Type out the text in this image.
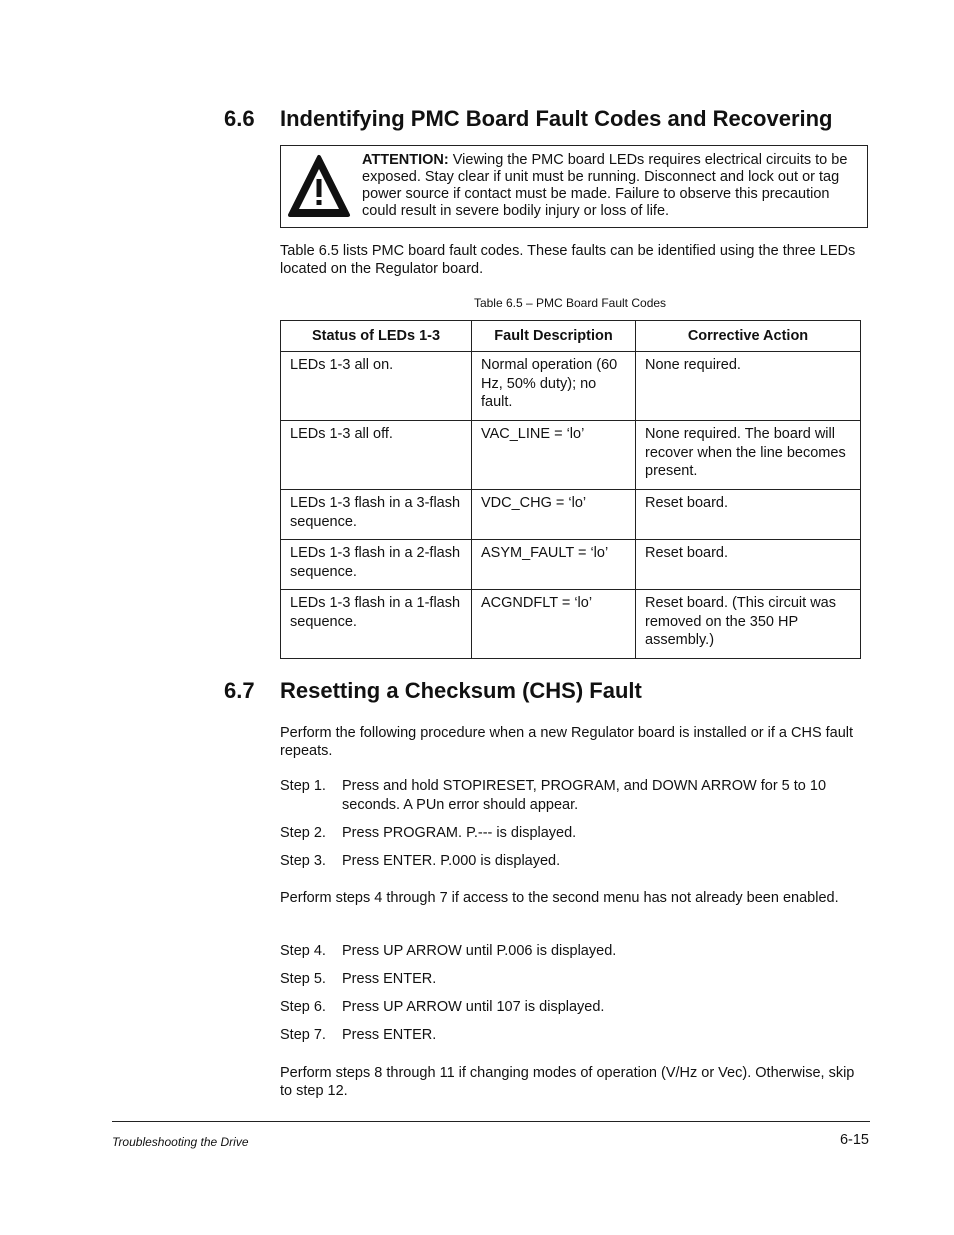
6.6 Indentifying PMC Board Fault Codes and Recovering
ATTENTION: Viewing the PMC board LEDs requires electrical circuits to be exposed. Stay clear if unit must be running. Disconnect and lock out or tag power source if contact must be made. Failure to observe this precaution could result in severe bodily injury or loss of life.
Table 6.5 lists PMC board fault codes. These faults can be identified using the three LEDs located on the Regulator board.
Table 6.5 – PMC Board Fault Codes
Status of LEDs 1-3	Fault Description	Corrective Action
LEDs 1-3 all on.	Normal operation (60 Hz, 50% duty); no fault.	None required.
LEDs 1-3 all off.	VAC_LINE = ‘lo’	None required. The board will recover when the line becomes present.
LEDs 1-3 flash in a 3-flash sequence.	VDC_CHG = ‘lo’	Reset board.
LEDs 1-3 flash in a 2-flash sequence.	ASYM_FAULT = ‘lo’	Reset board.
LEDs 1-3 flash in a 1-flash sequence.	ACGNDFLT = ‘lo’	Reset board. (This circuit was removed on the 350 HP assembly.)
6.7 Resetting a Checksum (CHS) Fault
Perform the following procedure when a new Regulator board is installed or if a CHS fault repeats.
Step 1. Press and hold STOPIRESET, PROGRAM, and DOWN ARROW for 5 to 10 seconds. A PUn error should appear.
Step 2. Press PROGRAM. P.--- is displayed.
Step 3. Press ENTER. P.000 is displayed.
Perform steps 4 through 7 if access to the second menu has not already been enabled.
Step 4. Press UP ARROW until P.006 is displayed.
Step 5. Press ENTER.
Step 6. Press UP ARROW until 107 is displayed.
Step 7. Press ENTER.
Perform steps 8 through 11 if changing modes of operation (V/Hz or Vec). Otherwise, skip to step 12.
Troubleshooting the Drive	6-15
